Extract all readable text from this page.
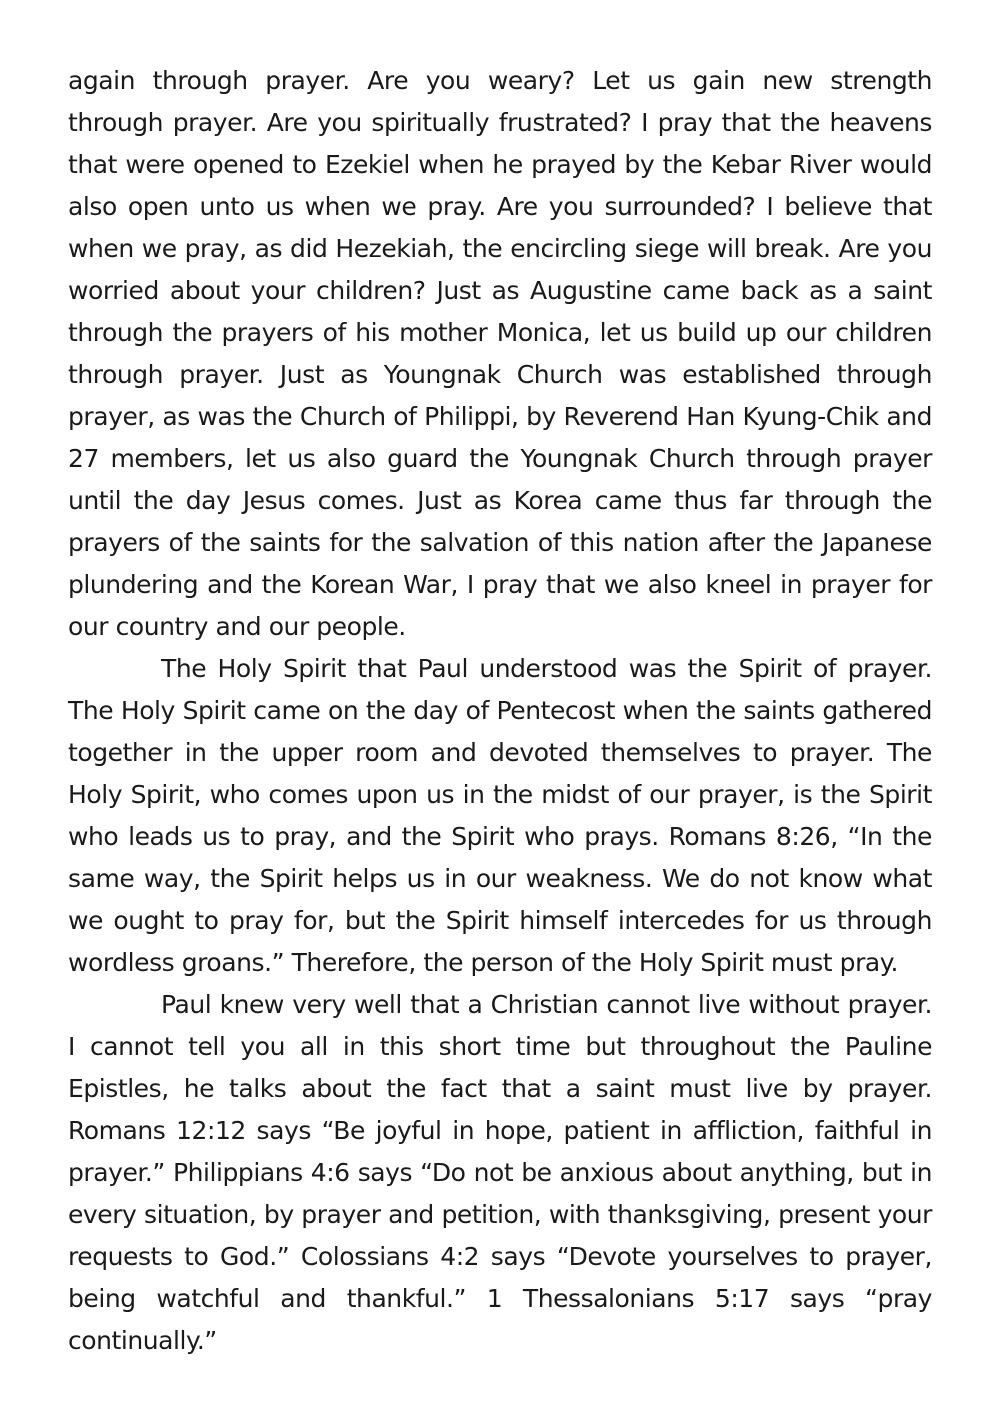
again through prayer. Are you weary? Let us gain new strength through prayer. Are you spiritually frustrated? I pray that the heavens that were opened to Ezekiel when he prayed by the Kebar River would also open unto us when we pray. Are you surrounded? I believe that when we pray, as did Hezekiah, the encircling siege will break. Are you worried about your children? Just as Augustine came back as a saint through the prayers of his mother Monica, let us build up our children through prayer. Just as Youngnak Church was established through prayer, as was the Church of Philippi, by Reverend Han Kyung-Chik and 27 members, let us also guard the Youngnak Church through prayer until the day Jesus comes. Just as Korea came thus far through the prayers of the saints for the salvation of this nation after the Japanese plundering and the Korean War, I pray that we also kneel in prayer for our country and our people.

The Holy Spirit that Paul understood was the Spirit of prayer. The Holy Spirit came on the day of Pentecost when the saints gathered together in the upper room and devoted themselves to prayer. The Holy Spirit, who comes upon us in the midst of our prayer, is the Spirit who leads us to pray, and the Spirit who prays. Romans 8:26, “In the same way, the Spirit helps us in our weakness. We do not know what we ought to pray for, but the Spirit himself intercedes for us through wordless groans.” Therefore, the person of the Holy Spirit must pray.

Paul knew very well that a Christian cannot live without prayer. I cannot tell you all in this short time but throughout the Pauline Epistles, he talks about the fact that a saint must live by prayer. Romans 12:12 says “Be joyful in hope, patient in affliction, faithful in prayer.” Philippians 4:6 says “Do not be anxious about anything, but in every situation, by prayer and petition, with thanksgiving, present your requests to God.” Colossians 4:2 says “Devote yourselves to prayer, being watchful and thankful.” 1 Thessalonians 5:17 says “pray continually.”
